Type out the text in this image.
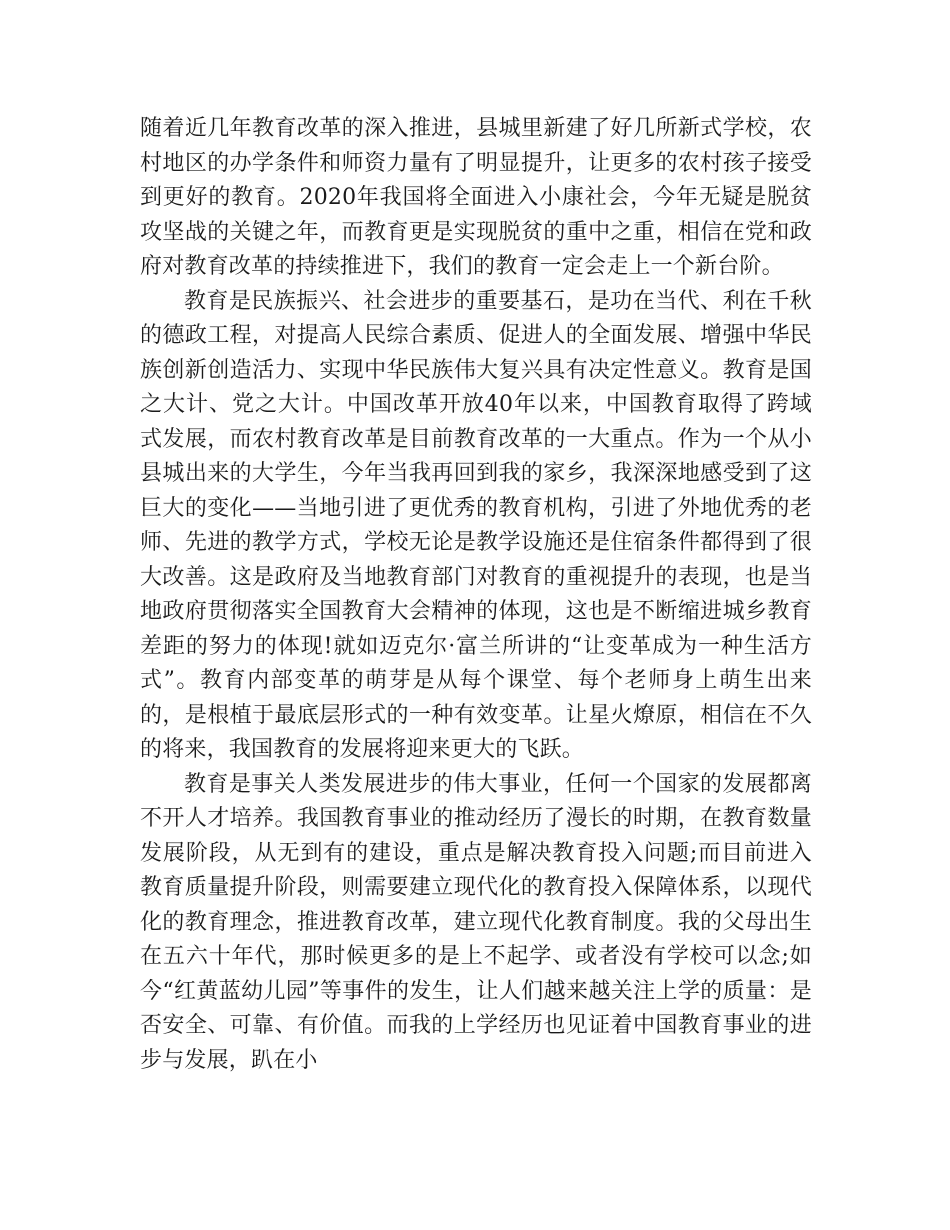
随着近几年教育改革的深入推进，县城里新建了好几所新式学校，农村地区的办学条件和师资力量有了明显提升，让更多的农村孩子接受到更好的教育。2020年我国将全面进入小康社会，今年无疑是脱贫攻坚战的关键之年，而教育更是实现脱贫的重中之重，相信在党和政府对教育改革的持续推进下，我们的教育一定会走上一个新台阶。

教育是民族振兴、社会进步的重要基石，是功在当代、利在千秋的德政工程，对提高人民综合素质、促进人的全面发展、增强中华民族创新创造活力、实现中华民族伟大复兴具有决定性意义。教育是国之大计、党之大计。中国改革开放40年以来，中国教育取得了跨域式发展，而农村教育改革是目前教育改革的一大重点。作为一个从小县城出来的大学生，今年当我再回到我的家乡，我深深地感受到了这巨大的变化——当地引进了更优秀的教育机构，引进了外地优秀的老师、先进的教学方式，学校无论是教学设施还是住宿条件都得到了很大改善。这是政府及当地教育部门对教育的重视提升的表现，也是当地政府贯彻落实全国教育大会精神的体现，这也是不断缩进城乡教育差距的努力的体现!就如迈克尔·富兰所讲的“让变革成为一种生活方式”。教育内部变革的萌芽是从每个课堂、每个老师身上萌生出来的，是根植于最底层形式的一种有效变革。让星火燎原，相信在不久的将来，我国教育的发展将迎来更大的飞跃。

教育是事关人类发展进步的伟大事业，任何一个国家的发展都离不开人才培养。我国教育事业的推动经历了漫长的时期，在教育数量发展阶段，从无到有的建设，重点是解决教育投入问题;而目前进入教育质量提升阶段，则需要建立现代化的教育投入保障体系，以现代化的教育理念，推进教育改革，建立现代化教育制度。我的父母出生在五六十年代，那时候更多的是上不起学、或者没有学校可以念;如今“红黄蓝幼儿园”等事件的发生，让人们越来越关注上学的质量：是否安全、可靠、有价值。而我的上学经历也见证着中国教育事业的进步与发展，趴在小
